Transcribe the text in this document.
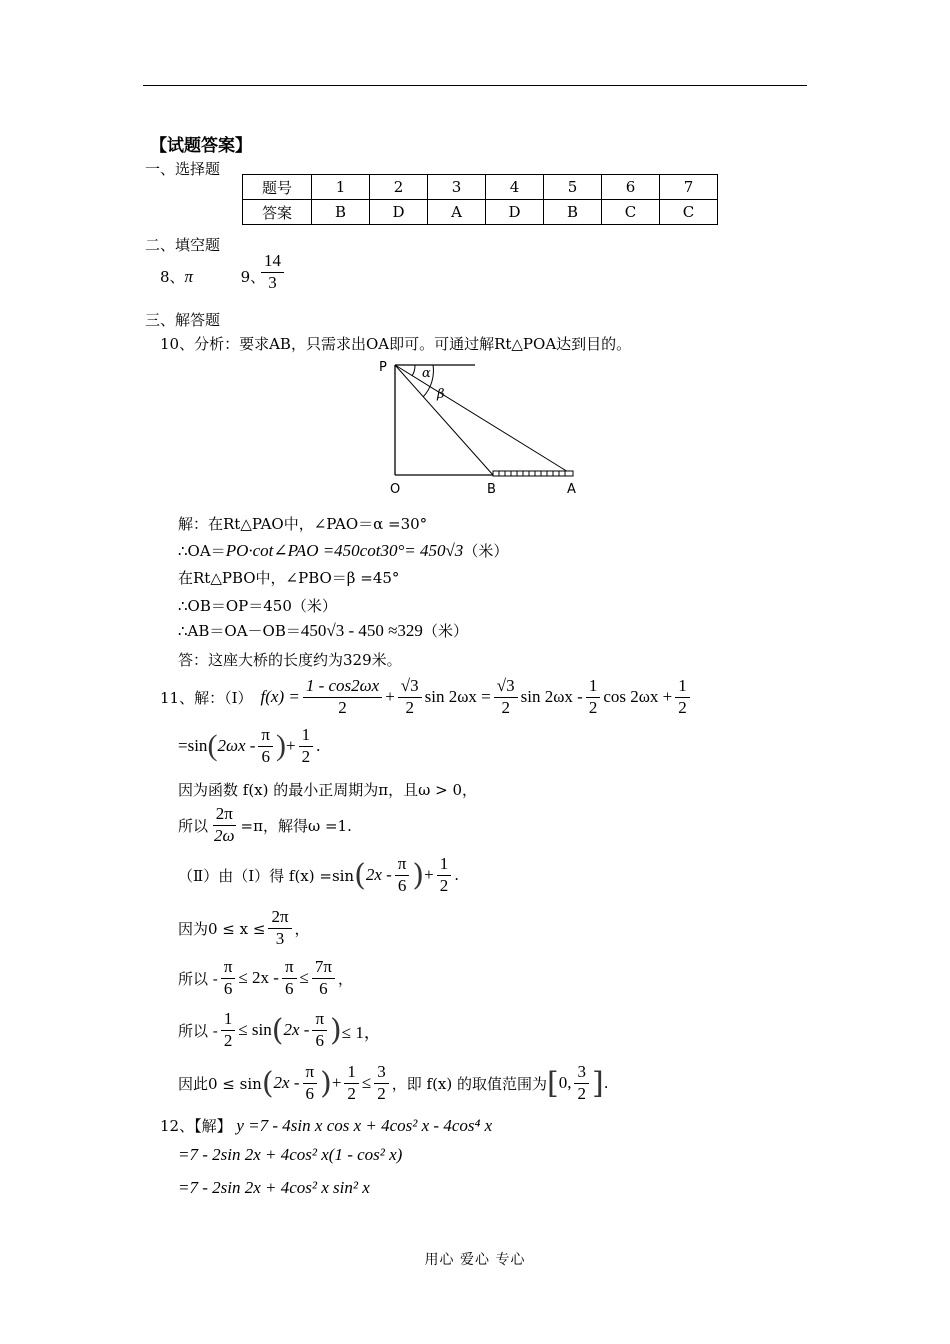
【试题答案】
一、选择题
题号	1	2	3	4	5	6	7
答案	B	D	A	D	B	C	C
二、填空题
8、π	9、
$\frac{14}{3}$
三、解答题
10、分析：要求AB，只需求出OA即可。可通过解Rt△POA达到目的。
P
O	B	A
α
β
解：在Rt△PAO中，∠PAO＝α =30°
∴OA＝PO·cot∠PAO =450cot30°= 450√3（米）
在Rt△PBO中，∠PBO＝β =45°
∴OB＝OP＝450（米）
∴AB＝OA－OB＝450√3 - 450 ≈329（米）
答：这座大桥的长度约为329米。
11、解：（Ⅰ） $f(x) = \frac{1 - \cos 2\omega x}{2} + \frac{√3}{2}$ $\sin 2\omega x = \frac{√3}{2}$ $\sin 2\omega x - \frac{1}{2}$ $\cos 2\omega x + \frac{1}{2}$
=sin ( $2\omega x - \frac{\pi}{6}$ ) + $\frac{1}{2}$ .
因为函数 f(x) 的最小正周期为π，且ω > 0，
所以 $\frac{2\pi}{2\omega} =\pi$，解得ω =1.
（Ⅱ）由（Ⅰ）得 f(x) =sin ( $2x - \frac{\pi}{6}$ ) + $\frac{1}{2}$ .
因为$0 \le x \le \frac{2\pi}{3}$ ，
所以 - $\frac{\pi}{6} \le 2x - \frac{\pi}{6} \le \frac{7\pi}{6}$ ，
所以 - $\frac{1}{2} \le \sin$ ( $2x - \frac{\pi}{6}$ ) ≤ 1，
因此0 ≤ sin ( $2x - \frac{\pi}{6}$ ) + $\frac{1}{2} \le \frac{3}{2}$ ，即 f(x) 的取值范围为 [ 0, $\frac{3}{2}$ ] .
12、【解】 y =7 - 4sin x cos x + 4cos² x - 4cos⁴ x
=7 - 2sin 2x + 4cos² x(1 - cos² x)
=7 - 2sin 2x + 4cos² x sin² x
用心 爱心 专心
